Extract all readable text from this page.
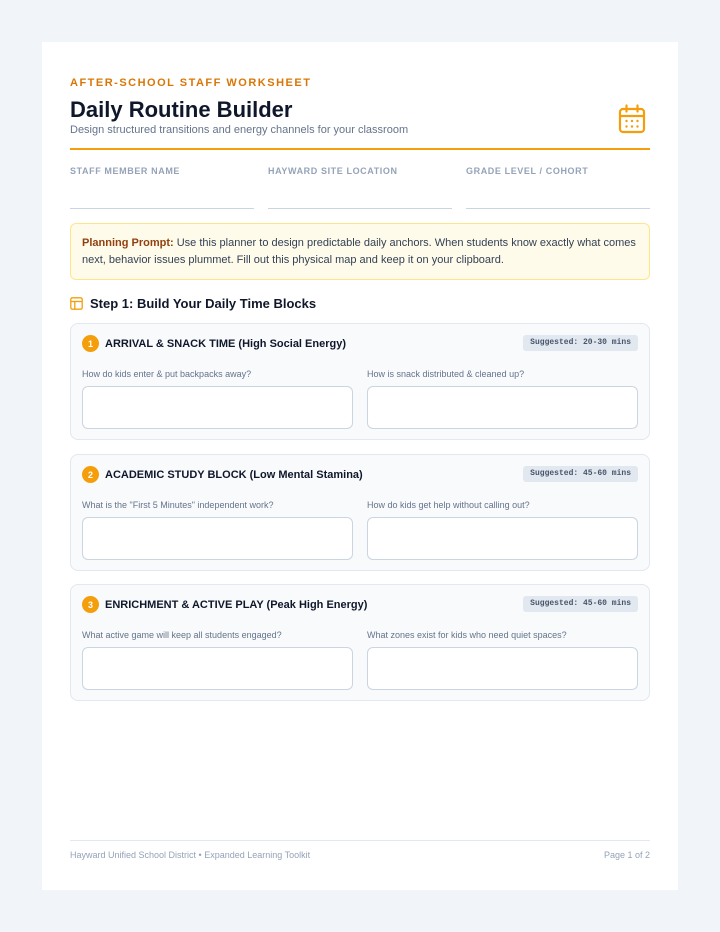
AFTER-SCHOOL STAFF WORKSHEET
Daily Routine Builder
Design structured transitions and energy channels for your classroom
STAFF MEMBER NAME	HAYWARD SITE LOCATION	GRADE LEVEL / COHORT
Planning Prompt: Use this planner to design predictable daily anchors. When students know exactly what comes next, behavior issues plummet. Fill out this physical map and keep it on your clipboard.
Step 1: Build Your Daily Time Blocks
1	ARRIVAL & SNACK TIME (High Social Energy)	Suggested: 20-30 mins
How do kids enter & put backpacks away?	How is snack distributed & cleaned up?
2	ACADEMIC STUDY BLOCK (Low Mental Stamina)	Suggested: 45-60 mins
What is the "First 5 Minutes" independent work?	How do kids get help without calling out?
3	ENRICHMENT & ACTIVE PLAY (Peak High Energy)	Suggested: 45-60 mins
What active game will keep all students engaged?	What zones exist for kids who need quiet spaces?
Hayward Unified School District • Expanded Learning Toolkit	Page 1 of 2
